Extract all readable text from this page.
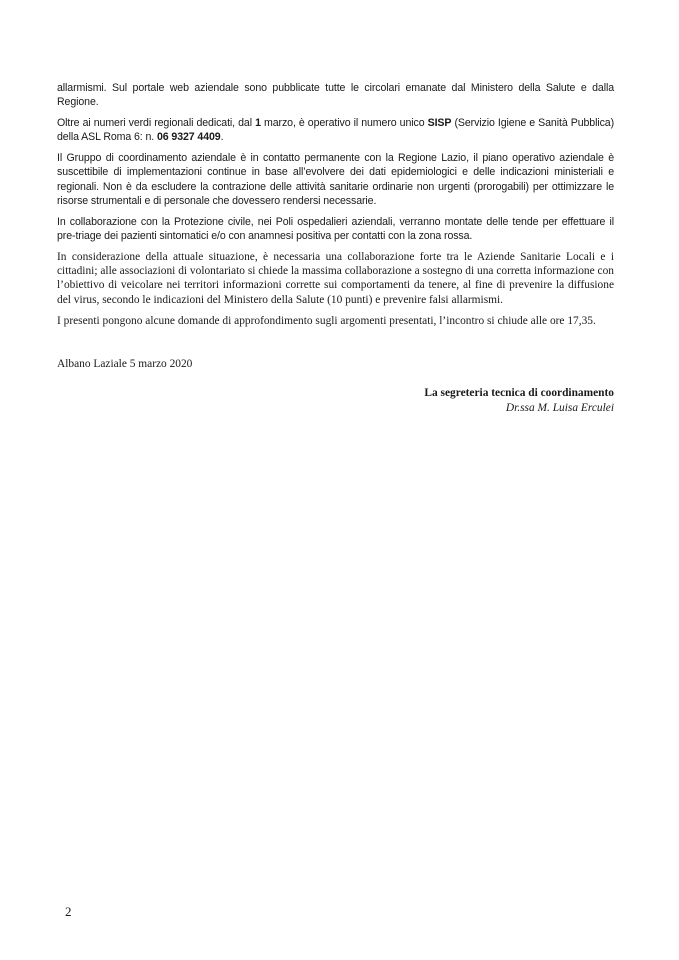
allarmismi. Sul portale web aziendale sono pubblicate tutte le circolari emanate dal Ministero della Salute e dalla Regione.

Oltre ai numeri verdi regionali dedicati, dal 1 marzo, è operativo il numero unico SISP (Servizio Igiene e Sanità Pubblica) della ASL Roma 6: n. 06 9327 4409.

Il Gruppo di coordinamento aziendale è in contatto permanente con la Regione Lazio, il piano operativo aziendale è suscettibile di implementazioni continue in base all’evolvere dei dati epidemiologici e delle indicazioni ministeriali e regionali. Non è da escludere la contrazione delle attività sanitarie ordinarie non urgenti (prorogabili) per ottimizzare le risorse strumentali e di personale che dovessero rendersi necessarie.

In collaborazione con la Protezione civile, nei Poli ospedalieri aziendali, verranno montate delle tende per effettuare il pre-triage dei pazienti sintomatici e/o con anamnesi positiva per contatti con la zona rossa.

In considerazione della attuale situazione, è necessaria una collaborazione forte tra le Aziende Sanitarie Locali e i cittadini; alle associazioni di volontariato si chiede la massima collaborazione a sostegno di una corretta informazione con l’obiettivo di veicolare nei territori informazioni corrette sui comportamenti da tenere, al fine di prevenire la diffusione del virus, secondo le indicazioni del Ministero della Salute (10 punti) e prevenire falsi allarmismi.

I presenti pongono alcune domande di approfondimento sugli argomenti presentati, l’incontro si chiude alle ore 17,35.

Albano Laziale 5 marzo 2020
La segreteria tecnica di coordinamento
Dr.ssa M. Luisa Erculei
2
